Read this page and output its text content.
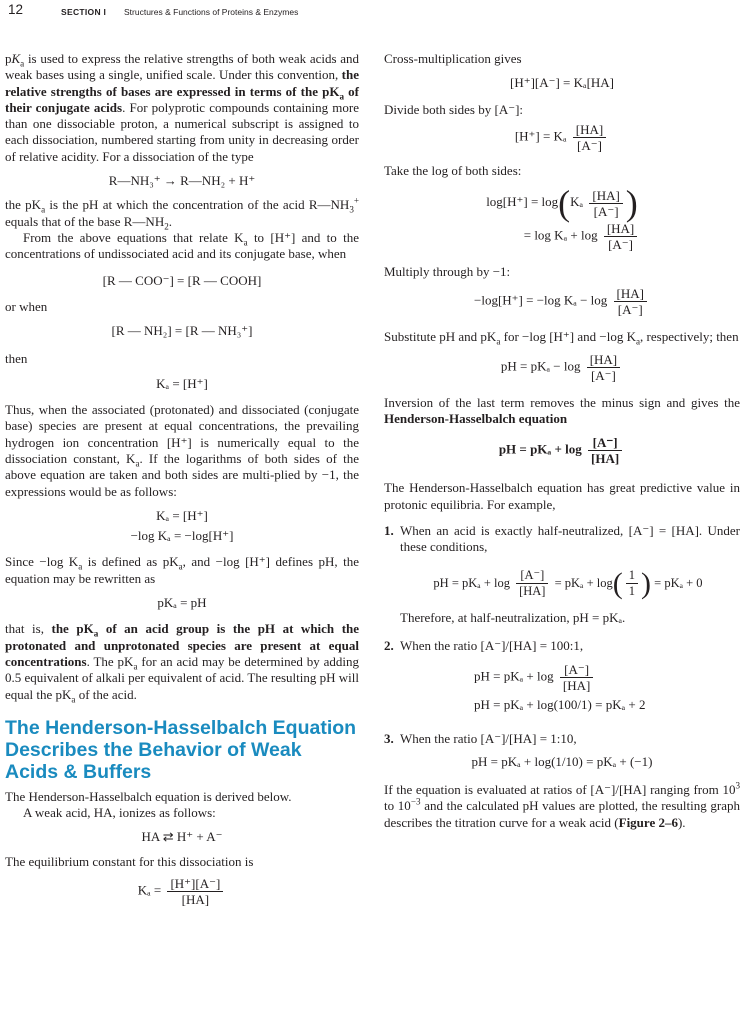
12	SECTION I Structures & Functions of Proteins & Enzymes

$pK_a$ is used to express the relative strengths of both weak acids and weak bases using a single, unified scale. Under this convention, the relative strengths of bases are expressed in terms of the $pK_a$ of their conjugate acids. For polyprotic compounds containing more than one dissociable proton, a numerical subscript is assigned to each dissociation, numbered starting from unity in decreasing order of relative acidity. For a dissociation of the type

R—NH₃⁺ → R—NH₂ + H⁺

the $pK_a$ is the pH at which the concentration of the acid $R—NH_3^+$ equals that of the base $R—NH_2$.

From the above equations that relate $K_a$ to [H⁺] and to the concentrations of undissociated acid and its conjugate base, when

[R — COO⁻] = [R — COOH]

or when

[R — NH₂] = [R — NH₃⁺]

then

Kₐ = [H⁺]

Thus, when the associated (protonated) and dissociated (conjugate base) species are present at equal concentrations, the prevailing hydrogen ion concentration [H⁺] is numerically equal to the dissociation constant, $K_a$. If the logarithms of both sides of the above equation are taken and both sides are multi-plied by −1, the expressions would be as follows:

Kₐ = [H⁺]
−log Kₐ = −log[H⁺]

Since −log $K_a$ is defined as $pK_a$, and −log [H⁺] defines pH, the equation may be rewritten as

pKₐ = pH

that is, the $pK_a$ of an acid group is the pH at which the protonated and unprotonated species are present at equal concentrations. The $pK_a$ for an acid may be determined by adding 0.5 equivalent of alkali per equivalent of acid. The resulting pH will equal the $pK_a$ of the acid.

The Henderson-Hasselbalch Equation Describes the Behavior of Weak Acids & Buffers

The Henderson-Hasselbalch equation is derived below.

A weak acid, HA, ionizes as follows:

HA ⇄ H⁺ + A⁻

The equilibrium constant for this dissociation is

$K_a = \frac{[H^+][A^-]}{[HA]}$

Cross-multiplication gives

[H⁺][A⁻] = Kₐ[HA]

Divide both sides by [A⁻]:

[H⁺] = Kₐ $\frac{[HA]}{[A^-]}$

Take the log of both sides:

$\log[H^+] = \log(K_a \frac{[HA]}{[A^-]}$ )
= $\log K_a + \log \frac{[HA]}{[A^-]}$

Multiply through by −1:

−log[H⁺] = −log $K_a - \log \frac{[HA]}{[A^-]}$

Substitute pH and $pK_a$ for −log [H⁺] and −log $K_a$, respectively; then

pH = $pK_a - \log \frac{[HA]}{[A^-]}$

Inversion of the last term removes the minus sign and gives the Henderson-Hasselbalch equation

pH = $pK_a + \log \frac{[A^-]}{[HA]}$

The Henderson-Hasselbalch equation has great predictive value in protonic equilibria. For example,

1. When an acid is exactly half-neutralized, [A⁻] = [HA]. Under these conditions,
pH = $pK_a + \log \frac{[A^-]}{[HA]} = pK_a + \log( \frac{1}{1}$ ) = pKₐ + 0

Therefore, at half-neutralization, pH = pKₐ.

2. When the ratio [A⁻]/[HA] = 100:1,
pH = $pK_a + \log \frac{[A^-]}{[HA]}$
pH = pKₐ + log(100/1) = pKₐ + 2
3. When the ratio [A⁻]/[HA] = 1:10,
pH = pKₐ + log(1/10) = pKₐ + (−1)

If the equation is evaluated at ratios of [A⁻]/[HA] ranging from $10^3$ to $10^{-3}$ and the calculated pH values are plotted, the resulting graph describes the titration curve for a weak acid (Figure 2–6).
